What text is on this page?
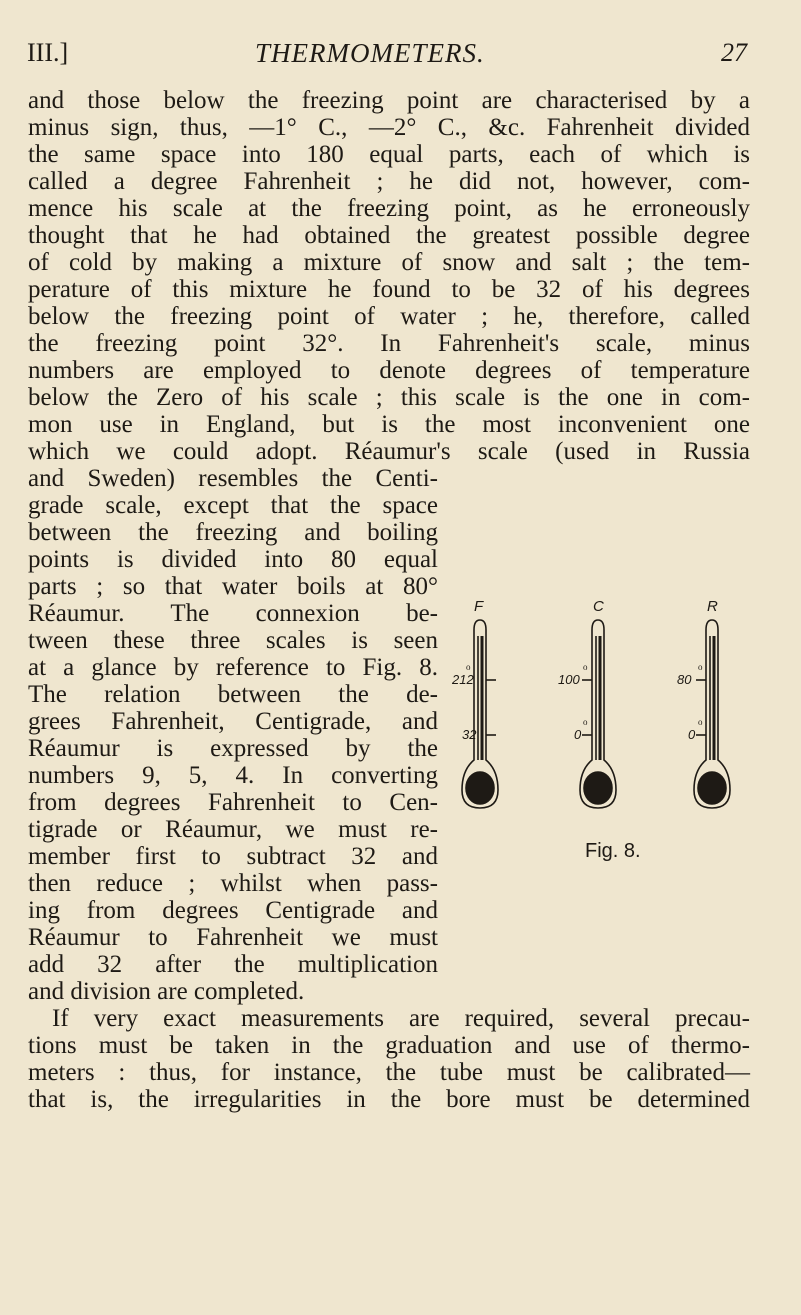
III.]	THERMOMETERS.	27
and those below the freezing point are characterised by a
minus sign, thus, —1° C., —2° C., &c. Fahrenheit divided
the same space into 180 equal parts, each of which is
called a degree Fahrenheit ; he did not, however, com-
mence his scale at the freezing point, as he erroneously
thought that he had obtained the greatest possible degree
of cold by making a mixture of snow and salt ; the tem-
perature of this mixture he found to be 32 of his degrees
below the freezing point of water ; he, therefore, called
the freezing point 32°. In Fahrenheit's scale, minus
numbers are employed to denote degrees of temperature
below the Zero of his scale ; this scale is the one in com-
mon use in England, but is the most inconvenient one
which we could adopt. Réaumur's scale (used in Russia
and Sweden) resembles the Centi-
grade scale, except that the space
between the freezing and boiling
points is divided into 80 equal
parts ; so that water boils at 80°
Réaumur. The connexion be-
tween these three scales is seen
at a glance by reference to Fig. 8.
The relation between the de-
grees Fahrenheit, Centigrade, and
Réaumur is expressed by the
numbers 9, 5, 4. In converting
from degrees Fahrenheit to Cen-
tigrade or Réaumur, we must re-
member first to subtract 32 and
then reduce ; whilst when pass-
ing from degrees Centigrade and
Réaumur to Fahrenheit we must
add 32 after the multiplication
and division are completed.
If very exact measurements are required, several precau-
tions must be taken in the graduation and use of thermo-
meters : thus, for instance, the tube must be calibrated—
that is, the irregularities in the bore must be determined
F	C	R
212
o
32
100
o
0
o
80
o
0
o
Fig. 8.
